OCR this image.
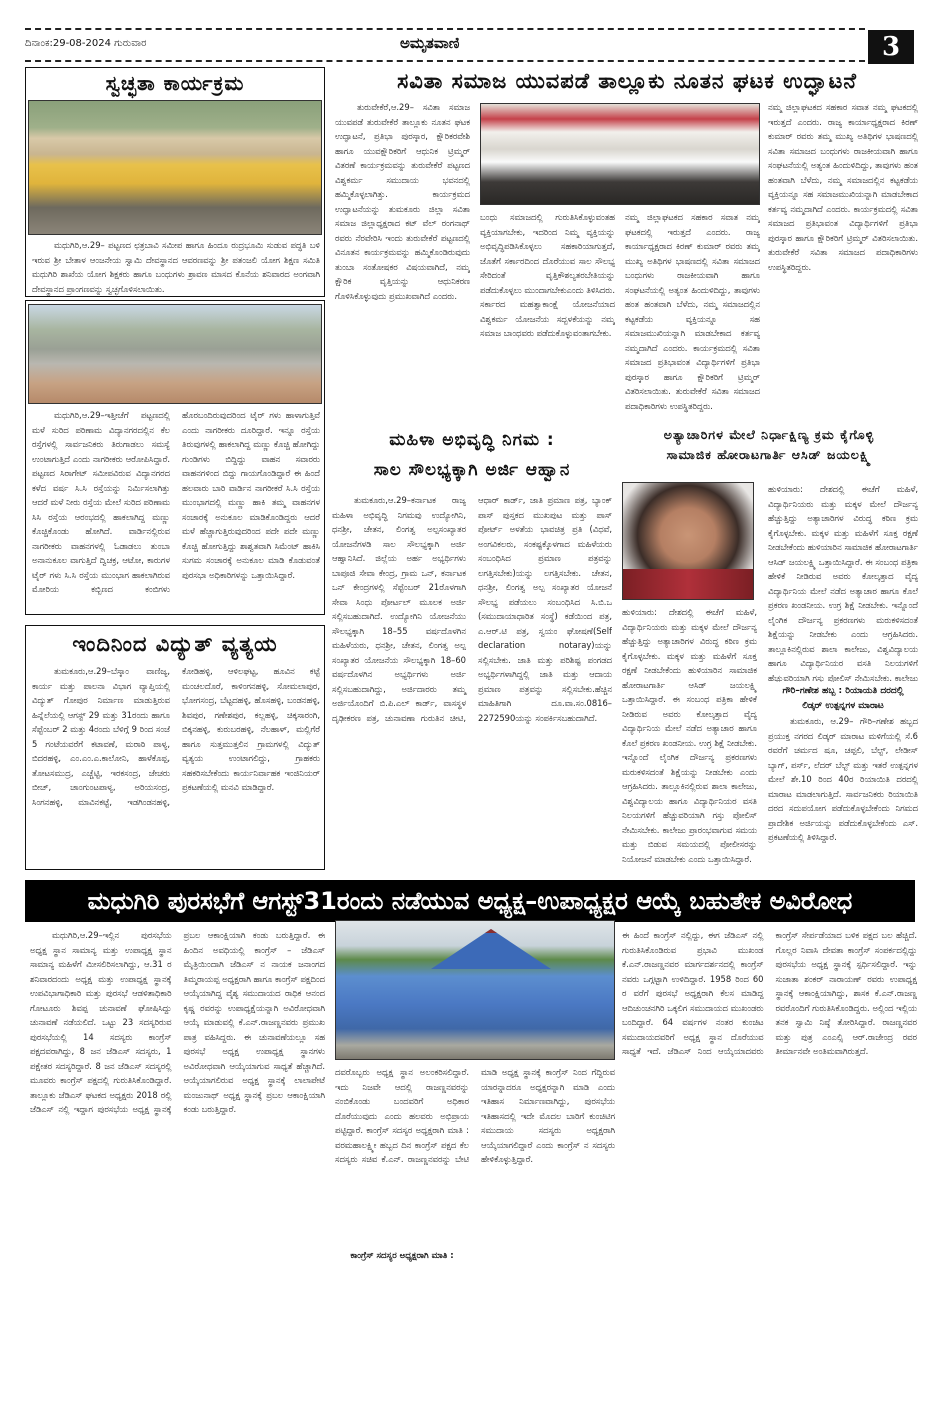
ದಿನಾಂಕ:29-08-2024 ಗುರುವಾರ	ಅಮೃತವಾಣಿ	3
ಸ್ವಚ್ಛತಾ ಕಾರ್ಯಕ್ರಮ
ಮಧುಗಿರಿ,ಆ.29– ಪಟ್ಟಣದ ಛತ್ರಬಾವಿ ಸಮೀಪ ಹಾಗೂ ಹಿಂದೂ ರುದ್ರಭೂಮಿ ಸುಡುವ ಪದ್ಧತಿ ಬಳಿ ಇರುವ ಶ್ರೀ ಬೇತಾಳ ಆಂಜನೇಯ ಸ್ವಾಮಿ ದೇವಸ್ಥಾನದ ಆವರಣವನ್ನು ಶ್ರೀ ಪತಂಜಲಿ ಯೋಗ ಶಿಕ್ಷಣ ಸಮಿತಿ ಮಧುಗಿರಿ ಶಾಖೆಯ ಯೋಗ ಶಿಕ್ಷಕರು ಹಾಗೂ ಬಂಧುಗಳು ಶ್ರಾವಣ ಮಾಸದ ಕೊನೆಯ ಶನಿವಾರದ ಅಂಗವಾಗಿ ದೇವಸ್ಥಾನದ ಪ್ರಾಂಗಣವನ್ನು ಸ್ವಚ್ಛಗೊಳಿಸಲಾಯಿತು.
ಮಧುಗಿರಿ,ಆ.29–ಇತ್ತೀಚೆಗೆ ಪಟ್ಟಣದಲ್ಲಿ ಮಳೆ ಸುರಿದ ಪರಿಣಾಮ ವಿದ್ಯಾನಗರದಲ್ಲಿನ ಕೆಲ ರಸ್ತೆಗಳಲ್ಲಿ ಸಾರ್ವಜನಿಕರು ತಿರುಗಾಡಲು ಸಮಸ್ಯೆ ಉಂಟಾಗುತ್ತಿದೆ ಎಂದು ನಾಗರೀಕರು ಆರೋಪಿಸಿದ್ದಾರೆ. ಪಟ್ಟಣದ ಸಿರಾಗೇಟ್ ಸಮೀಪವಿರುವ ವಿದ್ಯಾನಗರದ ಕಳೆದ ವರ್ಷ ಸಿ.ಸಿ ರಸ್ತೆಯನ್ನು ನಿರ್ಮಿಸಲಾಗಿತ್ತು ಆದರೆ ಮಳೆ ನೀರು ರಸ್ತೆಯ ಮೇಲೆ ಸುರಿದ ಪರಿಣಾಮ ಸಿಸಿ ರಸ್ತೆಯ ಆರಂಭದಲ್ಲಿ ಹಾಕಲಾಗಿದ್ದ ಮಣ್ಣು ಕೊಚ್ಚಿಕೊಂಡು ಹೋಗಿದೆ. ವಾರ್ಡಿನಲ್ಲಿರುವ ನಾಗರೀಕರು ವಾಹನಗಳಲ್ಲಿ ಓಡಾಡಲು ತುಂಬಾ ಅನಾನುಕೂಲ ವಾಗುತ್ತಿದೆ ದ್ವಿಚಕ್ರ, ಆಟೋ, ಕಾರುಗಳ ಟೈರ್ ಗಳು ಸಿ.ಸಿ ರಸ್ತೆಯ ಮುಂಭಾಗ ಹಾಕಲಾಗಿರುವ ಮೋರಿಯ ಕಬ್ಬಿಣದ ಕಂಬಿಗಳು ಹೊರಬಂದಿರುವುದರಿಂದ ಟೈರ್ ಗಳು ಹಾಳಾಗುತ್ತಿವೆ ಎಂದು ನಾಗರೀಕರು ದೂರಿದ್ದಾರೆ. ಇನ್ನೂ ರಸ್ತೆಯ ತಿರುವುಗಳಲ್ಲಿ ಹಾಕಲಾಗಿದ್ದ ಮಣ್ಣು ಕೊಚ್ಚಿ ಹೋಗಿದ್ದು ಗುಂಡಿಗಳು ಬಿದ್ದಿದ್ದು ವಾಹನ ಸವಾರರು ವಾಹನಗಳಿಂದ ಬಿದ್ದು ಗಾಯಗೊಂಡಿದ್ದಾರೆ ಈ ಹಿಂದೆ ಹಲವಾರು ಬಾರಿ ವಾರ್ಡಿನ ನಾಗರೀಕರೆ ಸಿ.ಸಿ ರಸ್ತೆಯ ಮುಂಭಾಗದಲ್ಲಿ ಮಣ್ಣು ಹಾಕಿ ತಮ್ಮ ವಾಹನಗಳ ಸಂಚಾರಕ್ಕೆ ಅನುಕೂಲ ಮಾಡಿಕೊಂಡಿದ್ದರು ಆದರೆ ಮಳೆ ಹೆಚ್ಚಾಗುತ್ತಿರುವುದರಿಂದ ಪದೇ ಪದೇ ಮಣ್ಣು ಕೊಚ್ಚಿ ಹೋಗುತ್ತಿದ್ದು ಶಾಶ್ವತವಾಗಿ ಸಿಮೆಂಟ್ ಹಾಕಿಸಿ ಸುಗಮ ಸಂಚಾರಕ್ಕೆ ಅನುಕೂಲ ಮಾಡಿ ಕೊಡುವಂತೆ ಪುರಸಭಾ ಅಧಿಕಾರಿಗಳನ್ನು ಒತ್ತಾಯಿಸಿದ್ದಾರೆ.
ಇಂದಿನಿಂದ ವಿದ್ಯುತ್ ವ್ಯತ್ಯಯ
ತುಮಕೂರು,ಆ.29–ಬೆಸ್ಕಾಂ ವಾಣಿಜ್ಯ, ಕಾರ್ಯ ಮತ್ತು ಪಾಲನಾ ವಿಭಾಗ ವ್ಯಾಪ್ತಿಯಲ್ಲಿ ವಿದ್ಯುತ್ ಗೋಪುರ ನಿರ್ಮಾಣ ಮಾಡುತ್ತಿರುವ ಹಿನ್ನೆಲೆಯಲ್ಲಿ ಆಗಸ್ಟ್ 29 ಮತ್ತು 31ರಂದು ಹಾಗೂ ಸೆಪ್ಟೆಂಬರ್ 2 ಮತ್ತು 4ರಂದು ಬೆಳಿಗ್ಗೆ 9 ರಿಂದ ಸಂಜೆ 5 ಗಂಟೆಯವರೆಗೆ ಕಟಾವಣೆ, ಮರಾಠಿ ಪಾಳ್ಯ, ಬಿದರಹಳ್ಳಿ, ಎಂ.ಎಂ.ಎ.ಕಾಲೋನಿ, ಹಾಳೆಕೊಪ್ಪ, ತೋಟಸಮುದ್ರ, ಎಚ್ಚೆಟ್ಟಿ, ಇರಕಸಂದ್ರ, ಜೇಚರು ಬೀಚ್, ಚಾಂಗುಂಟಪಾಳ್ಯ, ಅರಿಯಸಂದ್ರ, ಸಿಂಗನಹಳ್ಳಿ, ಮಾವಿನಕಟ್ಟೆ, ಇಡಗಿಂಡನಹಳ್ಳಿ, ಕೋಡಿಹಳ್ಳಿ, ಆಳಿಲಘಟ್ಟ, ಹೂವಿನ ಕಟ್ಟೆ ಮಂಚಲದೊರೆ, ಕಾಳಿಂಗನಹಳ್ಳಿ, ಸೋಮಲಾಪುರ, ಭೋಗಸಂದ್ರ, ಬೆಟ್ಟದಹಳ್ಳಿ, ಹೊಸಹಳ್ಳಿ, ಬಂಡನಹಳ್ಳಿ, ಶಿವಪುರ, ಗಣೇಶಪುರ, ಕಲ್ಲಹಳ್ಳಿ, ಚಿಕ್ಕಸಾರಂಗಿ, ಬಿಕ್ಕನಹಳ್ಳಿ, ಕುರುಬರಹಳ್ಳಿ, ನೆಲಹಾಳ್, ಮಲ್ಲಿಗೆರೆ ಹಾಗೂ ಸುತ್ತಮುತ್ತಲಿನ ಗ್ರಾಮಗಳಲ್ಲಿ ವಿದ್ಯುತ್ ವ್ಯತ್ಯಯ ಉಂಟಾಗಲಿದ್ದು, ಗ್ರಾಹಕರು ಸಹಕರಿಸಬೇಕೆಂದು ಕಾರ್ಯನಿರ್ವಾಹಕ ಇಂಜಿನಿಯರ್ ಪ್ರಕಟಣೆಯಲ್ಲಿ ಮನವಿ ಮಾಡಿದ್ದಾರೆ.
ಸವಿತಾ ಸಮಾಜ ಯುವಪಡೆ ತಾಲ್ಲೂಕು ನೂತನ ಘಟಕ ಉದ್ಘಾಟನೆ
ತುರುವೇಕೆರೆ,ಆ.29– ಸವಿತಾ ಸಮಾಜ ಯುವಪಡೆ ತುರುವೇಕೆರೆ ತಾಲ್ಲೂಕು ನೂತನ ಘಟಕ ಉದ್ಘಾಟನೆ, ಪ್ರತಿಭಾ ಪುರಸ್ಕಾರ, ಕ್ಷೌರಿಕರವೇಶಿ ಹಾಗೂ ಯುವಕ್ಷೌರಿಕರಿಗೆ ಆಧುನಿಕ ಟ್ರಿಮ್ಮರ್ ವಿತರಣೆ ಕಾರ್ಯಕ್ರಮವನ್ನು ತುರುವೇಕೆರೆ ಪಟ್ಟಣದ ವಿಶ್ವಕರ್ಮ ಸಮುದಾಯ ಭವನದಲ್ಲಿ ಹಮ್ಮಿಕೊಳ್ಳಲಾಗಿತ್ತು. ಕಾರ್ಯಕ್ರಮದ ಉದ್ಘಾಟನೆಯನ್ನು ತುಮಕೂರು ಜಿಲ್ಲಾ ಸವಿತಾ ಸಮಾಜ ಜಿಲ್ಲಾಧ್ಯಕ್ಷರಾದ ಕಟ್ ವೆಲ್ ರಂಗನಾಥ್ ರವರು ನೆರವೇರಿಸಿ ಇಂದು ತುರುವೇಕೆರೆ ಪಟ್ಟಣದಲ್ಲಿ ವಿನೂತನ ಕಾರ್ಯಕ್ರಮವನ್ನು ಹಮ್ಮಿಕೊಂಡಿರುವುದು ತುಂಬಾ ಸಂತೋಷಕರ ವಿಷಯವಾಗಿದೆ, ನಮ್ಮ ಕ್ಷೌರಿಕ ವೃತ್ತಿಯನ್ನು ಆಧುನಿಕರಣ ಗೊಳಿಸಿಕೊಳ್ಳುವುದು ಪ್ರಮುಖವಾಗಿದೆ ಎಂದರು.
ಬಂಧು ಸಮಾಜದಲ್ಲಿ ಗುರುತಿಸಿಕೊಳ್ಳುವಂತಹ ವ್ಯಕ್ತಿಯಾಗಬೇಕು, ಇದರಿಂದ ನಿಮ್ಮ ವ್ಯಕ್ತಿಯನ್ನು ಅಭಿವೃದ್ಧಿಪಡಿಸಿಕೊಳ್ಳಲು ಸಹಕಾರಿಯಾಗುತ್ತದೆ, ಜೊತೆಗೆ ಸರ್ಕಾರದಿಂದ ದೊರೆಯುವ ಸಾಲ ಸೌಲಭ್ಯ ಸೇರಿದಂತೆ ವೃತ್ತಿಕೌಶಲ್ಯತರಬೇತಿಯನ್ನು ಪಡೆದುಕೊಳ್ಳಲು ಮುಂದಾಗಬೇಕುಎಂದು ತಿಳಿಸಿದರು. ಸರ್ಕಾರದ ಮಹತ್ವಾಕಾಂಕ್ಷೆ ಯೋಜನೆಯಾದ ವಿಶ್ವಕರ್ಮ ಯೋಜನೆಯ ಸದ್ಬಳಕೆಯನ್ನು ನಮ್ಮ ಸಮಾಜ ಬಾಂಧವರು ಪಡೆದುಕೊಳ್ಳುವಂತಾಗಬೇಕು.
ನಮ್ಮ ಜಿಲ್ಲಾಘಟಕದ ಸಹಕಾರ ಸವಾತ ನಮ್ಮ ಘಟಕದಲ್ಲಿ ಇರುತ್ತದೆ ಎಂದರು. ರಾಜ್ಯ ಕಾರ್ಯಾಧ್ಯಕ್ಷರಾದ ಕಿರಣ್ ಕುಮಾರ್ ರವರು ತಮ್ಮ ಮುಖ್ಯ ಅತಿಥಿಗಳ ಭಾಷಣದಲ್ಲಿ ಸವಿತಾ ಸಮಾಜದ ಬಂಧುಗಳು ರಾಜಕೀಯವಾಗಿ ಹಾಗೂ ಸಂಘಟನೆಯಲ್ಲಿ ಅತ್ಯಂತ ಹಿಂದುಳಿದಿದ್ದು, ತಾವುಗಳು ಹಂತ ಹಂತವಾಗಿ ಬೆಳೆದು, ನಮ್ಮ ಸಮಾಜದಲ್ಲಿನ ಕಟ್ಟಕಡೆಯ ವ್ಯಕ್ತಿಯನ್ನೂ ಸಹ ಸಮಾಜಮುಖಿಯನ್ನಾಗಿ ಮಾಡಬೇಕಾದ ಕರ್ತವ್ಯ ನಮ್ಮದಾಗಿದೆ ಎಂದರು. ಕಾರ್ಯಕ್ರಮದಲ್ಲಿ ಸವಿತಾ ಸಮಾಜದ ಪ್ರತಿಭಾವಂತ ವಿದ್ಯಾರ್ಥಿಗಳಿಗೆ ಪ್ರತಿಭಾ ಪುರಸ್ಕಾರ ಹಾಗೂ ಕ್ಷೌರಿಕರಿಗೆ ಟ್ರಿಮ್ಮರ್ ವಿತರಿಸಲಾಯಿತು. ತುರುವೇಕೆರೆ ಸವಿತಾ ಸಮಾಜದ ಪದಾಧಿಕಾರಿಗಳು ಉಪಸ್ಥಿತರಿದ್ದರು.
ನಮ್ಮ ಜಿಲ್ಲಾಘಟಕದ ಸಹಕಾರ ಸವಾತ ನಮ್ಮ ಘಟಕದಲ್ಲಿ ಇರುತ್ತದೆ ಎಂದರು. ರಾಜ್ಯ ಕಾರ್ಯಾಧ್ಯಕ್ಷರಾದ ಕಿರಣ್ ಕುಮಾರ್ ರವರು ತಮ್ಮ ಮುಖ್ಯ ಅತಿಥಿಗಳ ಭಾಷಣದಲ್ಲಿ ಸವಿತಾ ಸಮಾಜದ ಬಂಧುಗಳು ರಾಜಕೀಯವಾಗಿ ಹಾಗೂ ಸಂಘಟನೆಯಲ್ಲಿ ಅತ್ಯಂತ ಹಿಂದುಳಿದಿದ್ದು, ತಾವುಗಳು ಹಂತ ಹಂತವಾಗಿ ಬೆಳೆದು, ನಮ್ಮ ಸಮಾಜದಲ್ಲಿನ ಕಟ್ಟಕಡೆಯ ವ್ಯಕ್ತಿಯನ್ನೂ ಸಹ ಸಮಾಜಮುಖಿಯನ್ನಾಗಿ ಮಾಡಬೇಕಾದ ಕರ್ತವ್ಯ ನಮ್ಮದಾಗಿದೆ ಎಂದರು. ಕಾರ್ಯಕ್ರಮದಲ್ಲಿ ಸವಿತಾ ಸಮಾಜದ ಪ್ರತಿಭಾವಂತ ವಿದ್ಯಾರ್ಥಿಗಳಿಗೆ ಪ್ರತಿಭಾ ಪುರಸ್ಕಾರ ಹಾಗೂ ಕ್ಷೌರಿಕರಿಗೆ ಟ್ರಿಮ್ಮರ್ ವಿತರಿಸಲಾಯಿತು. ತುರುವೇಕೆರೆ ಸವಿತಾ ಸಮಾಜದ ಪದಾಧಿಕಾರಿಗಳು ಉಪಸ್ಥಿತರಿದ್ದರು.
ಮಹಿಳಾ ಅಭಿವೃದ್ಧಿ ನಿಗಮ :
ಸಾಲ ಸೌಲಭ್ಯಕ್ಕಾಗಿ ಅರ್ಜಿ ಆಹ್ವಾನ
ತುಮಕೂರು,ಆ.29–ಕರ್ನಾಟಕ ರಾಜ್ಯ ಮಹಿಳಾ ಅಭಿವೃದ್ಧಿ ನಿಗಮವು ಉದ್ಯೋಗಿನಿ, ಧನಶ್ರೀ, ಚೇತನ, ಲಿಂಗತ್ವ ಅಲ್ಪಸಂಖ್ಯಾತರ ಯೋಜನೆಗಳಡಿ ಸಾಲ ಸೌಲಭ್ಯಕ್ಕಾಗಿ ಅರ್ಜಿ ಆಹ್ವಾನಿಸಿದೆ. ಜಿಲ್ಲೆಯ ಅರ್ಹ ಅಭ್ಯರ್ಥಿಗಳು ಬಾಪೂಜಿ ಸೇವಾ ಕೇಂದ್ರ, ಗ್ರಾಮ ಒನ್, ಕರ್ನಾಟಕ ಒನ್ ಕೇಂದ್ರಗಳಲ್ಲಿ ಸೆಪ್ಟೆಂಬರ್ 21ರೊಳಗಾಗಿ ಸೇವಾ ಸಿಂಧು ಪೋರ್ಟಲ್ ಮೂಲಕ ಅರ್ಜಿ ಸಲ್ಲಿಸಬಹುದಾಗಿದೆ. ಉದ್ಯೋಗಿನಿ ಯೋಜನೆಯು ಸೌಲಭ್ಯಕ್ಕಾಗಿ 18–55 ವರ್ಷದೊಳಗಿನ ಮಹಿಳೆಯರು, ಧನಶ್ರೀ, ಚೇತನ, ಲಿಂಗತ್ವ ಅಲ್ಪ ಸಂಖ್ಯಾತರ ಯೋಜನೆಯ ಸೌಲಭ್ಯಕ್ಕಾಗಿ 18–60 ವರ್ಷದೊಳಗಿನ ಅಭ್ಯರ್ಥಿಗಳು ಅರ್ಜಿ ಸಲ್ಲಿಸಬಹುದಾಗಿದ್ದು, ಅರ್ಜಿದಾರರು ತಮ್ಮ ಅರ್ಜಿಯೊಂದಿಗೆ ಬಿ.ಪಿ.ಎಲ್ ಕಾರ್ಡ್, ವಾಸಸ್ಥಳ ದೃಢೀಕರಣ ಪತ್ರ, ಚುನಾವಣಾ ಗುರುತಿನ ಚೀಟಿ, ಆಧಾರ್ ಕಾರ್ಡ್, ಜಾತಿ ಪ್ರಮಾಣ ಪತ್ರ, ಬ್ಯಾಂಕ್ ಪಾಸ್ ಪುಸ್ತಕದ ಮುಖಪುಟ ಮತ್ತು ಪಾಸ್ ಪೋರ್ಟ್ ಅಳತೆಯ ಭಾವಚಿತ್ರ ಪ್ರತಿ (ವಿಧವೆ, ಅಂಗವಿಕಲರು, ಸಂಕಷ್ಟಕ್ಕೊಳಗಾದ ಮಹಿಳೆಯರು ಸಂಬಂಧಿಸಿದ ಪ್ರಮಾಣ ಪತ್ರವನ್ನು ಲಗತ್ತಿಸಬೇಕು)ಯನ್ನು ಲಗತ್ತಿಸಬೇಕು. ಚೇತನ, ಧನಶ್ರೀ, ಲಿಂಗತ್ವ ಅಲ್ಪ ಸಂಖ್ಯಾತರ ಯೋಜನೆ ಸೌಲಭ್ಯ ಪಡೆಯಲು ಸಂಬಂಧಿಸಿದ ಸಿ.ಬಿ.ಒ (ಸಮುದಾಯಾಧಾರಿತ ಸಂಸ್ಥೆ) ಕಡೆಯಿಂದ ಪತ್ರ, ಎ.ಆರ್.ಟಿ ಪತ್ರ, ಸ್ವಯಂ ಘೋಷಣೆ(Self declaration notaray)ಯನ್ನು ಸಲ್ಲಿಸಬೇಕು. ಜಾತಿ ಮತ್ತು ಪರಿಶಿಷ್ಟ ಪಂಗಡದ ಅಭ್ಯರ್ಥಿಗಳಾಗಿದ್ದಲ್ಲಿ ಜಾತಿ ಮತ್ತು ಆದಾಯ ಪ್ರಮಾಣ ಪತ್ರವನ್ನು ಸಲ್ಲಿಸಬೇಕು.ಹೆಚ್ಚಿನ ಮಾಹಿತಿಗಾಗಿ ದೂ.ವಾ.ಸಂ.0816–2272590ಯನ್ನು ಸಂಪರ್ಕಿಸಬಹುದಾಗಿದೆ.
ಅತ್ಯಾಚಾರಿಗಳ ಮೇಲೆ ನಿರ್ಧಾಕ್ಷಿಣ್ಯ ಕ್ರಮ ಕೈಗೊಳ್ಳಿ
ಸಾಮಾಜಿಕ ಹೋರಾಟಗಾರ್ತಿ ಆಸಿಡ್ ಜಯಲಕ್ಷ್ಮಿ
ಹುಳಿಯಾರು: ದೇಶದಲ್ಲಿ ಈಚೆಗೆ ಮಹಿಳೆ, ವಿದ್ಯಾರ್ಥಿನಿಯರು ಮತ್ತು ಮಕ್ಕಳ ಮೇಲೆ ದೌರ್ಜನ್ಯ ಹೆಚ್ಚುತ್ತಿದ್ದು ಅತ್ಯಾಚಾರಿಗಳ ವಿರುದ್ಧ ಕಠಿಣ ಕ್ರಮ ಕೈಗೊಳ್ಳಬೇಕು. ಮಕ್ಕಳ ಮತ್ತು ಮಹಿಳೆಗೆ ಸೂಕ್ತ ರಕ್ಷಣೆ ನೀಡಬೇಕೆಂದು ಹುಳಿಯಾರಿನ ಸಾಮಾಜಿಕ ಹೋರಾಟಗಾರ್ತಿ ಆಸಿಡ್ ಜಯಲಕ್ಷ್ಮಿ ಒತ್ತಾಯಿಸಿದ್ದಾರೆ. ಈ ಸಂಬಂಧ ಪತ್ರಿಕಾ ಹೇಳಿಕೆ ನೀಡಿರುವ ಅವರು ಕೋಲ್ಕತ್ತಾದ ವೈದ್ಯ ವಿದ್ಯಾರ್ಥಿನಿಯ ಮೇಲೆ ನಡೆದ ಅತ್ಯಾಚಾರ ಹಾಗೂ ಕೊಲೆ ಪ್ರಕರಣ ಖಂಡನೀಯ. ಉಗ್ರ ಶಿಕ್ಷೆ ನೀಡಬೇಕು. ಇನ್ನೊಂದೆ ಲೈಂಗಿಕ ದೌರ್ಜನ್ಯ ಪ್ರಕರಣಗಳು ಮರುಕಳಿಸದಂತೆ ಶಿಕ್ಷೆಯನ್ನು ನೀಡಬೇಕು ಎಂದು ಆಗ್ರಹಿಸಿದರು. ತಾಲ್ಲೂಕಿನಲ್ಲಿರುವ ಶಾಲಾ ಕಾಲೇಜು, ವಿಶ್ವವಿದ್ಯಾಲಯ ಹಾಗೂ ವಿದ್ಯಾರ್ಥಿನಿಯರ ವಸತಿ ನಿಲಯಗಳಿಗೆ ಹೆಚ್ಚುವರಿಯಾಗಿ ಗಸ್ತು ಪೋಲಿಸ್ ನೇಮಿಸಬೇಕು. ಕಾಲೇಜು ಪ್ರಾರಂಭವಾಗುವ ಸಮಯ ಮತ್ತು ಬಿಡುವ ಸಮಯದಲ್ಲಿ ಪೋಲೀಸರನ್ನು ನಿಯೋಜನೆ ಮಾಡಬೇಕು ಎಂದು ಒತ್ತಾಯಿಸಿದ್ದಾರೆ.
ಹುಳಿಯಾರು: ದೇಶದಲ್ಲಿ ಈಚೆಗೆ ಮಹಿಳೆ, ವಿದ್ಯಾರ್ಥಿನಿಯರು ಮತ್ತು ಮಕ್ಕಳ ಮೇಲೆ ದೌರ್ಜನ್ಯ ಹೆಚ್ಚುತ್ತಿದ್ದು ಅತ್ಯಾಚಾರಿಗಳ ವಿರುದ್ಧ ಕಠಿಣ ಕ್ರಮ ಕೈಗೊಳ್ಳಬೇಕು. ಮಕ್ಕಳ ಮತ್ತು ಮಹಿಳೆಗೆ ಸೂಕ್ತ ರಕ್ಷಣೆ ನೀಡಬೇಕೆಂದು ಹುಳಿಯಾರಿನ ಸಾಮಾಜಿಕ ಹೋರಾಟಗಾರ್ತಿ ಆಸಿಡ್ ಜಯಲಕ್ಷ್ಮಿ ಒತ್ತಾಯಿಸಿದ್ದಾರೆ. ಈ ಸಂಬಂಧ ಪತ್ರಿಕಾ ಹೇಳಿಕೆ ನೀಡಿರುವ ಅವರು ಕೋಲ್ಕತ್ತಾದ ವೈದ್ಯ ವಿದ್ಯಾರ್ಥಿನಿಯ ಮೇಲೆ ನಡೆದ ಅತ್ಯಾಚಾರ ಹಾಗೂ ಕೊಲೆ ಪ್ರಕರಣ ಖಂಡನೀಯ. ಉಗ್ರ ಶಿಕ್ಷೆ ನೀಡಬೇಕು. ಇನ್ನೊಂದೆ ಲೈಂಗಿಕ ದೌರ್ಜನ್ಯ ಪ್ರಕರಣಗಳು ಮರುಕಳಿಸದಂತೆ ಶಿಕ್ಷೆಯನ್ನು ನೀಡಬೇಕು ಎಂದು ಆಗ್ರಹಿಸಿದರು. ತಾಲ್ಲೂಕಿನಲ್ಲಿರುವ ಶಾಲಾ ಕಾಲೇಜು, ವಿಶ್ವವಿದ್ಯಾಲಯ ಹಾಗೂ ವಿದ್ಯಾರ್ಥಿನಿಯರ ವಸತಿ ನಿಲಯಗಳಿಗೆ ಹೆಚ್ಚುವರಿಯಾಗಿ ಗಸ್ತು ಪೋಲಿಸ್ ನೇಮಿಸಬೇಕು. ಕಾಲೇಜು
ಗೌರಿ–ಗಣೇಶ ಹಬ್ಬ : ರಿಯಾಯತಿ ದರದಲ್ಲಿ
ಲಿಡ್ಕರ್ ಉತ್ಪನ್ನಗಳ ಮಾರಾಟ
ತುಮಕೂರು, ಆ.29– ಗೌರಿ–ಗಣೇಶ ಹಬ್ಬದ ಪ್ರಯುಕ್ತ ನಗರದ ಲಿಡ್ಕರ್ ಮಾರಾಟ ಮಳಿಗೆಯಲ್ಲಿ ಸೆ.6 ರವರೆಗೆ ಚರ್ಮದ ಷೂ, ಚಪ್ಪಲಿ, ಬೆಲ್ಟ್, ಲೇಡೀಸ್ ಬ್ಯಾಗ್, ಪರ್ಸ್, ಲೆದರ್ ಬೆಲ್ಟ್ ಮತ್ತು ಇತರೆ ಉತ್ಪನ್ನಗಳ ಮೇಲೆ ಶೇ.10 ರಿಂದ 40ರ ರಿಯಾಯಿತಿ ದರದಲ್ಲಿ ಮಾರಾಟ ಮಾಡಲಾಗುತ್ತಿದೆ. ಸಾರ್ವಜನಿಕರು ರಿಯಾಯಿತಿ ದರದ ಸದುಪಯೋಗ ಪಡೆದುಕೊಳ್ಳಬೇಕೆಂದು ನಿಗಮದ ಪ್ರಾದೇಶಿಕ ಅರ್ಜಿಯನ್ನು ಪಡೆದುಕೊಳ್ಳಬೇಕೆಂದು ಎಸ್. ಪ್ರಕಟಣೆಯಲ್ಲಿ ತಿಳಿಸಿದ್ದಾರೆ.
ಮಧುಗಿರಿ ಪುರಸಭೆಗೆ ಆಗಸ್ಟ್31ರಂದು ನಡೆಯುವ ಅಧ್ಯಕ್ಷ–ಉಪಾಧ್ಯಕ್ಷರ ಆಯ್ಕೆ ಬಹುತೇಕ ಅವಿರೋಧ
ಮಧುಗಿರಿ,ಆ.29–ಇಲ್ಲಿನ ಪುರಸಭೆಯ ಅಧ್ಯಕ್ಷ ಸ್ಥಾನ ಸಾಮಾನ್ಯ ಮತ್ತು ಉಪಾಧ್ಯಕ್ಷ ಸ್ಥಾನ ಸಾಮಾನ್ಯ ಮಹಿಳೆಗೆ ಮೀಸಲಿರಿಸಲಾಗಿದ್ದು, ಆ.31 ರ ಶನಿವಾರದಂದು ಅಧ್ಯಕ್ಷ ಮತ್ತು ಉಪಾಧ್ಯಕ್ಷ ಸ್ಥಾನಕ್ಕೆ ಉಪವಿಭಾಗಾಧಿಕಾರಿ ಮತ್ತು ಪುರಸಭೆ ಆಡಳಿತಾಧಿಕಾರಿ ಗೋಟೂರು ಶಿವಪ್ಪ ಚುನಾವಣೆ ಘೋಷಿಸಿದ್ದು ಚುನಾವಣೆ ನಡೆಯಲಿದೆ. ಒಟ್ಟು 23 ಸದಸ್ಯರಿರುವ ಪುರಸಭೆಯಲ್ಲಿ 14 ಸದಸ್ಯರು ಕಾಂಗ್ರೆಸ್ ಪಕ್ಷದವರಾಗಿದ್ದು, 8 ಜನ ಜೆಡಿಎಸ್ ಸದಸ್ಯರು, 1 ಪಕ್ಷೇತರ ಸದಸ್ಯರಿದ್ದಾರೆ. 8 ಜನ ಜೆಡಿಎಸ್ ಸದಸ್ಯರಲ್ಲಿ ಮೂವರು ಕಾಂಗ್ರೆಸ್ ಪಕ್ಷದಲ್ಲಿ ಗುರುತಿಸಿಕೊಂಡಿದ್ದಾರೆ. ತಾಲ್ಲೂಕು ಜೆಡಿಎಸ್ ಘಟಕದ ಅಧ್ಯಕ್ಷರು 2018 ರಲ್ಲಿ ಜೆಡಿಎಸ್ ನಲ್ಲಿ ಇದ್ದಾಗ ಪುರಸಭೆಯ ಅಧ್ಯಕ್ಷ ಸ್ಥಾನಕ್ಕೆ ಪ್ರಬಲ ಆಕಾಂಕ್ಷಿಯಾಗಿ ಕಂಡು ಬರುತ್ತಿದ್ದಾರೆ. ಈ ಹಿಂದಿನ ಅವಧಿಯಲ್ಲಿ ಕಾಂಗ್ರೆಸ್ – ಜೆಡಿಎಸ್ ಮೈತ್ರಿಯಿಂದಾಗಿ ಜೆಡಿಎಸ್ ನ ನಾಯಕ ಜನಾಂಗದ ತಿಮ್ಮರಾಯಪ್ಪ ಅಧ್ಯಕ್ಷರಾಗಿ ಹಾಗೂ ಕಾಂಗ್ರೆಸ್ ಪಕ್ಷದಿಂದ ಆಯ್ಕೆಯಾಗಿದ್ದ ವೈಶ್ಯ ಸಮುದಾಯದ ರಾಧಿಕ ಆನಂದ ಕೃಷ್ಣ ರವರನ್ನು ಉಪಾಧ್ಯಕ್ಷೆಯನ್ನಾಗಿ ಅವಿರೋಧವಾಗಿ ಆಯ್ಕೆ ಮಾಡುವಲ್ಲಿ ಕೆ.ಎನ್.ರಾಜಣ್ಣನವರು ಪ್ರಮುಖ ಪಾತ್ರ ವಹಿಸಿದ್ದರು. ಈ ಚುನಾವಣೆಯಲ್ಲೂ ಸಹ ಪುರಸಭೆ ಅಧ್ಯಕ್ಷ ಉಪಾಧ್ಯಕ್ಷ ಸ್ಥಾನಗಳು ಅವಿರೋಧವಾಗಿ ಆಯ್ಕೆಯಾಗುವ ಸಾಧ್ಯತೆ ಹೆಚ್ಚಾಗಿದೆ. ಆಯ್ಕೆಯಾಗಲಿರುವ ಅಧ್ಯಕ್ಷ ಸ್ಥಾನಕ್ಕೆ ಲಾಲಾಪೇಟೆ ಮಂಜುನಾಥ್ ಅಧ್ಯಕ್ಷ ಸ್ಥಾನಕ್ಕೆ ಪ್ರಬಲ ಆಕಾಂಕ್ಷಿಯಾಗಿ ಕಂಡು ಬರುತ್ತಿದ್ದಾರೆ.
ದವರೊಬ್ಬರು ಅಧ್ಯಕ್ಷ ಸ್ಥಾನ ಅಲಂಕರಿಸಲಿದ್ದಾರೆ. ಇದು ನಿಜವೇ ಆದಲ್ಲಿ ರಾಜಣ್ಣನವರನ್ನು ನಂಬಿಕೊಂಡು ಬಂದವರಿಗೆ ಅಧಿಕಾರ ದೊರೆಯುವುದು ಎಂದು ಹಲವರು ಅಭಿಪ್ರಾಯ ಪಟ್ಟಿದ್ದಾರೆ. ಕಾಂಗ್ರೆಸ್ ಸದಸ್ಯರ ಅಧ್ಯಕ್ಷರಾಗಿ ಮಾತಿ : ವರಮಹಾಲಕ್ಷ್ಮೀ ಹಬ್ಬದ ದಿನ ಕಾಂಗ್ರೆಸ್ ಪಕ್ಷದ ಕೆಲ ಸದಸ್ಯರು ಸಚಿವ ಕೆ.ಎನ್. ರಾಜಣ್ಣನವರನ್ನು ಬೇಟಿ ಮಾಡಿ ಅಧ್ಯಕ್ಷ ಸ್ಥಾನಕ್ಕೆ ಕಾಂಗ್ರೆಸ್ ನಿಂದ ಗೆದ್ದಿರುವ ಯಾರನ್ನಾದರೂ ಅಧ್ಯಕ್ಷರನ್ನಾಗಿ ಮಾಡಿ ಎಂದು ಇತಿಹಾಸ ನಿರ್ಮಾಣವಾಗಿದ್ದು, ಪುರಸಭೆಯ ಇತಿಹಾಸದಲ್ಲಿ ಇದೇ ಮೊದಲ ಬಾರಿಗೆ ಕುಂಚಿಟಿಗ ಸಮುದಾಯ ಸದಸ್ಯರು ಅಧ್ಯಕ್ಷರಾಗಿ ಆಯ್ಕೆಯಾಗಲಿದ್ದಾರೆ ಎಂದು ಕಾಂಗ್ರೆಸ್ ನ ಸದಸ್ಯರು ಹೇಳಿಕೊಳ್ಳುತ್ತಿದ್ದಾರೆ.
ಕಾಂಗ್ರೆಸ್ ಸದಸ್ಯರ ಅಧ್ಯಕ್ಷರಾಗಿ ಮಾತಿ :
ಈ ಹಿಂದೆ ಕಾಂಗ್ರೆಸ್ ನಲ್ಲಿದ್ದು, ಈಗ ಜೆಡಿಎಸ್ ನಲ್ಲಿ ಗುರುತಿಸಿಕೊಂಡಿರುವ ಪ್ರಭಾವಿ ಮುಖಂಡ ಕೆ.ಎನ್.ರಾಜಣ್ಣನವರ ಮಾರ್ಗದರ್ಶನದಲ್ಲಿ ಕಾಂಗ್ರೆಸ್ ನವರು ಒಗ್ಗಟ್ಟಾಗಿ ಉಳಿದಿದ್ದಾರೆ. 1958 ರಿಂದ 60 ರ ವರೆಗೆ ಪುರಸಭೆ ಅಧ್ಯಕ್ಷರಾಗಿ ಕೆಲಸ ಮಾಡಿದ್ದ ಆದಿಚುಂಚನಗಿರಿ ಒಕ್ಕಲಿಗ ಸಮುದಾಯದ ಮುಖಂಡರು ಬಂದಿದ್ದಾರೆ. 64 ವರ್ಷಗಳ ನಂತರ ಕುಂಚಿಟ ಸಮುದಾಯದವರಿಗೆ ಅಧ್ಯಕ್ಷ ಸ್ಥಾನ ದೊರೆಯುವ ಸಾಧ್ಯತೆ ಇದೆ. ಜೆಡಿಎಸ್ ನಿಂದ ಆಯ್ಕೆಯಾದವರು ಕಾಂಗ್ರೆಸ್ ಸೇರ್ಪಡೆಯಾದ ಬಳಿಕ ಪಕ್ಷದ ಬಲ ಹೆಚ್ಚಿದೆ. ಗೊಲ್ಲರ ನಿವಾಸಿ ದೇವತಾ ಕಾಂಗ್ರೆಸ್ ಸಂಪರ್ಕದಲ್ಲಿದ್ದು ಪುರಸಭೆಯ ಅಧ್ಯಕ್ಷ ಸ್ಥಾನಕ್ಕೆ ಸ್ಪರ್ಧಿಸಲಿದ್ದಾರೆ. ಇನ್ನು ಸುಜಾತಾ ಶಂಕರ್ ನಾರಾಯಣ್ ರವರು ಉಪಾಧ್ಯಕ್ಷ ಸ್ಥಾನಕ್ಕೆ ಆಕಾಂಕ್ಷಿಯಾಗಿದ್ದು, ಶಾಸಕ ಕೆ.ಎನ್.ರಾಜಣ್ಣ ರವರೊಂದಿಗೆ ಗುರುತಿಸಿಕೊಂಡಿದ್ದರು. ಅಲ್ಲಿಂದ ಇಲ್ಲಿಯ ತನಕ ಸ್ವಾಮಿ ನಿಷ್ಠೆ ತೋರಿಸಿದ್ದಾರೆ. ರಾಜಣ್ಣನವರ ಮತ್ತು ಪುತ್ರ ಎಂಎಲ್ಸಿ ಆರ್.ರಾಜೇಂದ್ರ ರವರ ತೀರ್ಮಾನವೇ ಅಂತಿಮವಾಗಿರುತ್ತದೆ.
